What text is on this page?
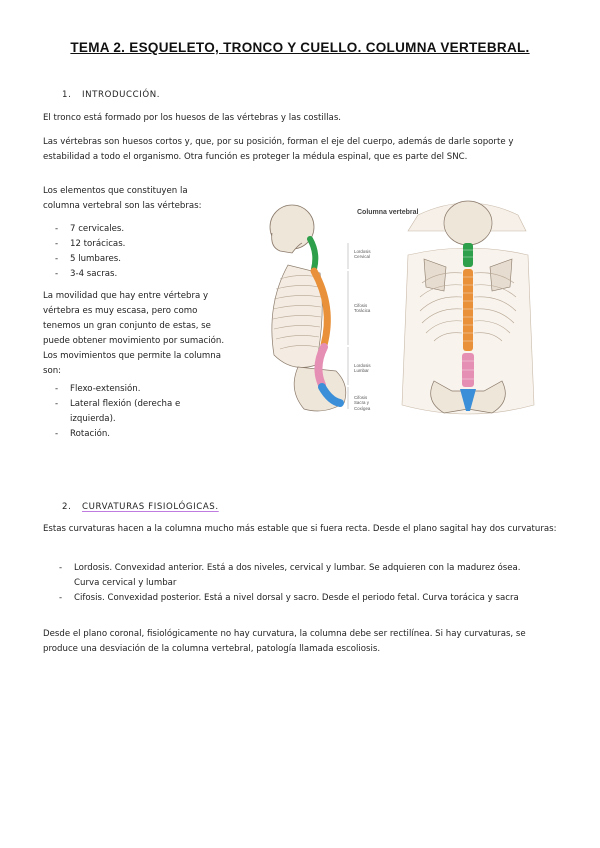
TEMA 2. ESQUELETO, TRONCO Y CUELLO. COLUMNA VERTEBRAL.
1. INTRODUCCIÓN.

El tronco está formado por los huesos de las vértebras y las costillas.

Las vértebras son huesos cortos y, que, por su posición, forman el eje del cuerpo, además de darle soporte y estabilidad a todo el organismo. Otra función es proteger la médula espinal, que es parte del SNC.

Los elementos que constituyen la columna vertebral son las vértebras:

- 7 cervicales.
- 12 torácicas.
- 5 lumbares.
- 3-4 sacras.

La movilidad que hay entre vértebra y vértebra es muy escasa, pero como tenemos un gran conjunto de estas, se puede obtener movimiento por sumación. Los movimientos que permite la columna son:

- Flexo-extensión.
- Lateral flexión (derecha e izquierda).
- Rotación.
Columna vertebral
Lordosis
Cervical
Cifosis
Torácica
Lordosis
Lumbar
Cifosis
Sacra y
Coxígea
2. CURVATURAS FISIOLÓGICAS.

Estas curvaturas hacen a la columna mucho más estable que si fuera recta. Desde el plano sagital hay dos curvaturas:

- Lordosis. Convexidad anterior. Está a dos niveles, cervical y lumbar. Se adquieren con la madurez ósea. Curva cervical y lumbar
- Cifosis. Convexidad posterior. Está a nivel dorsal y sacro. Desde el periodo fetal. Curva torácica y sacra

Desde el plano coronal, fisiológicamente no hay curvatura, la columna debe ser rectilínea. Si hay curvaturas, se produce una desviación de la columna vertebral, patología llamada escoliosis.
